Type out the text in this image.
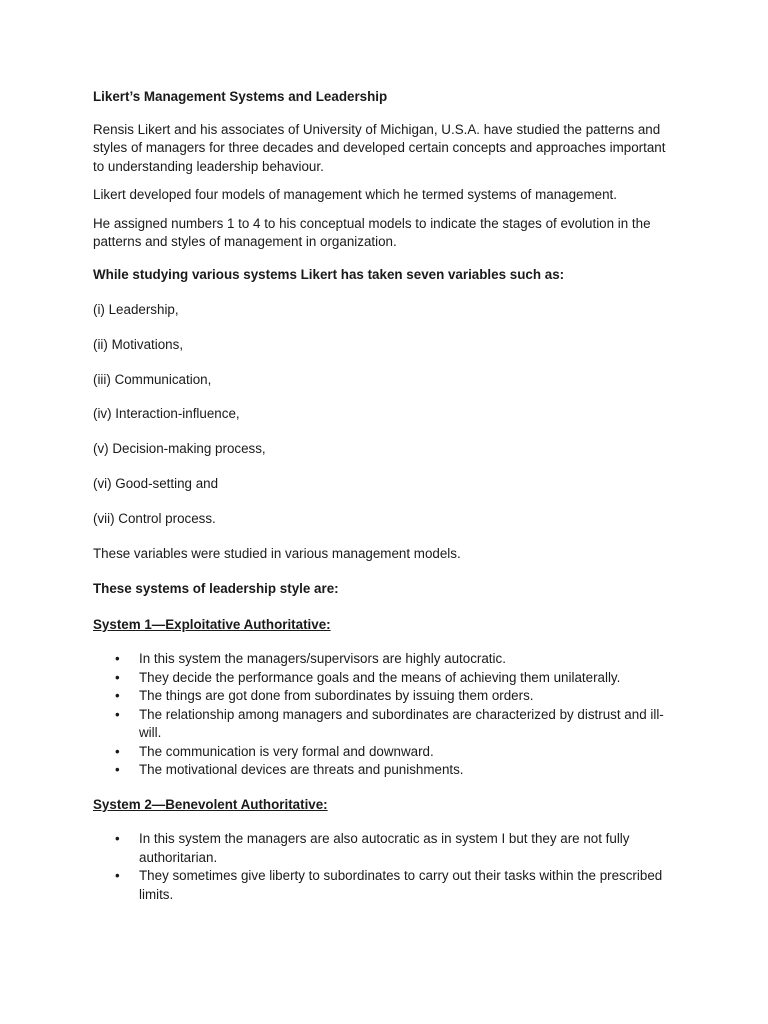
Likert’s Management Systems and Leadership

Rensis Likert and his associates of University of Michigan, U.S.A. have studied the patterns and styles of managers for three decades and developed certain concepts and approaches important to understanding leadership behaviour.

Likert developed four models of management which he termed systems of management.

He assigned numbers 1 to 4 to his conceptual models to indicate the stages of evolution in the patterns and styles of management in organization.

While studying various systems Likert has taken seven variables such as:

(i) Leadership,
(ii) Motivations,
(iii) Communication,
(iv) Interaction-influence,
(v) Decision-making process,
(vi) Good-setting and
(vii) Control process.

These variables were studied in various management models.

These systems of leadership style are:

System 1—Exploitative Authoritative:

• In this system the managers/supervisors are highly autocratic.
• They decide the performance goals and the means of achieving them unilaterally.
• The things are got done from subordinates by issuing them orders.
• The relationship among managers and subordinates are characterized by distrust and ill-will.
• The communication is very formal and downward.
• The motivational devices are threats and punishments.

System 2—Benevolent Authoritative:

• In this system the managers are also autocratic as in system I but they are not fully authoritarian.
• They sometimes give liberty to subordinates to carry out their tasks within the prescribed limits.
